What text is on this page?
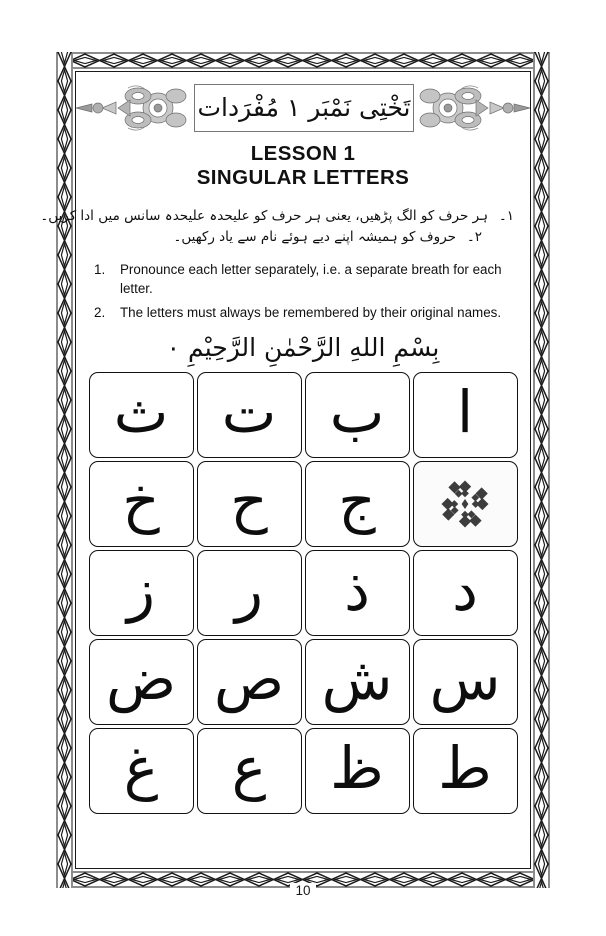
تَخْتِی نَمْبَر ۱ مُفْرَدات
LESSON 1
SINGULAR LETTERS
۱۔
ہر حرف کو الگ پڑھیں، یعنی ہر حرف کو علیحدہ علیحدہ سانس میں ادا کریں۔
۲۔
حروف کو ہمیشہ اپنے دیے ہوئے نام سے یاد رکھیں۔
1.	Pronounce each letter separately, i.e. a separate breath for each letter.
2.	The letters must always be remembered by their original names.
بِسْمِ اللهِ الرَّحْمٰنِ الرَّحِيْمِ ۰
ا
ب
ت
ث
ج
ح
خ
د
ذ
ر
ز
س
ش
ص
ض
ط
ظ
ع
غ
10
